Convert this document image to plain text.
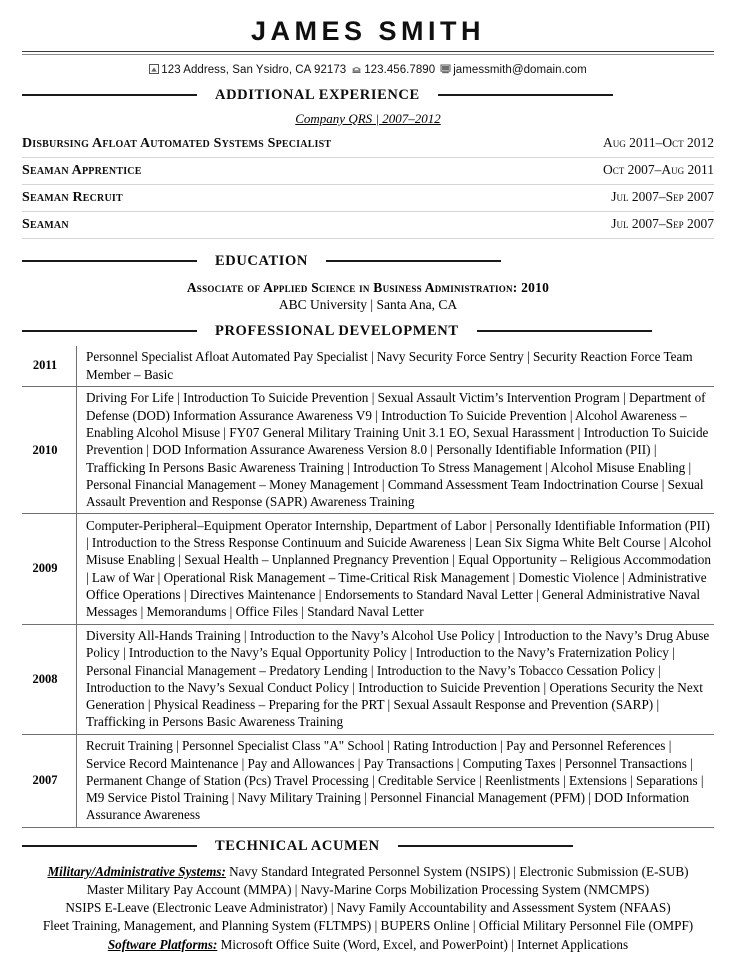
JAMES SMITH
123 Address, San Ysidro, CA 92173 123.456.7890 jamessmith@domain.com
ADDITIONAL EXPERIENCE
Company QRS | 2007–2012
Disbursing Afloat Automated Systems Specialist	Aug 2011–Oct 2012
Seaman Apprentice	Oct 2007–Aug 2011
Seaman Recruit	Jul 2007–Sep 2007
Seaman	Jul 2007–Sep 2007
EDUCATION
Associate of Applied Science in Business Administration: 2010
ABC University | Santa Ana, CA
PROFESSIONAL DEVELOPMENT
2011	Personnel Specialist Afloat Automated Pay Specialist | Navy Security Force Sentry | Security Reaction Force Team Member – Basic
2010	Driving For Life | Introduction To Suicide Prevention | Sexual Assault Victim’s Intervention Program | Department of Defense (DOD) Information Assurance Awareness V9 | Introduction To Suicide Prevention | Alcohol Awareness – Enabling Alcohol Misuse | FY07 General Military Training Unit 3.1 EO, Sexual Harassment | Introduction To Suicide Prevention | DOD Information Assurance Awareness Version 8.0 | Personally Identifiable Information (PII) | Trafficking In Persons Basic Awareness Training | Introduction To Stress Management | Alcohol Misuse Enabling | Personal Financial Management – Money Management | Command Assessment Team Indoctrination Course | Sexual Assault Prevention and Response (SAPR) Awareness Training
2009	Computer-Peripheral–Equipment Operator Internship, Department of Labor | Personally Identifiable Information (PII) | Introduction to the Stress Response Continuum and Suicide Awareness | Lean Six Sigma White Belt Course | Alcohol Misuse Enabling | Sexual Health – Unplanned Pregnancy Prevention | Equal Opportunity – Religious Accommodation | Law of War | Operational Risk Management – Time-Critical Risk Management | Domestic Violence | Administrative Office Operations | Directives Maintenance | Endorsements to Standard Naval Letter | General Administrative Naval Messages | Memorandums | Office Files | Standard Naval Letter
2008	Diversity All-Hands Training | Introduction to the Navy’s Alcohol Use Policy | Introduction to the Navy’s Drug Abuse Policy | Introduction to the Navy’s Equal Opportunity Policy | Introduction to the Navy’s Fraternization Policy | Personal Financial Management – Predatory Lending | Introduction to the Navy’s Tobacco Cessation Policy | Introduction to the Navy’s Sexual Conduct Policy | Introduction to Suicide Prevention | Operations Security the Next Generation | Physical Readiness – Preparing for the PRT | Sexual Assault Response and Prevention (SARP) | Trafficking in Persons Basic Awareness Training
2007	Recruit Training | Personnel Specialist Class "A" School | Rating Introduction | Pay and Personnel References | Service Record Maintenance | Pay and Allowances | Pay Transactions | Computing Taxes | Personnel Transactions | Permanent Change of Station (Pcs) Travel Processing | Creditable Service | Reenlistments | Extensions | Separations | M9 Service Pistol Training | Navy Military Training | Personnel Financial Management (PFM) | DOD Information Assurance Awareness
TECHNICAL ACUMEN
Military/Administrative Systems: Navy Standard Integrated Personnel System (NSIPS) | Electronic Submission (E-SUB)
Master Military Pay Account (MMPA) | Navy-Marine Corps Mobilization Processing System (NMCMPS)
NSIPS E-Leave (Electronic Leave Administrator) | Navy Family Accountability and Assessment System (NFAAS)
Fleet Training, Management, and Planning System (FLTMPS) | BUPERS Online | Official Military Personnel File (OMPF)
Software Platforms: Microsoft Office Suite (Word, Excel, and PowerPoint) | Internet Applications
